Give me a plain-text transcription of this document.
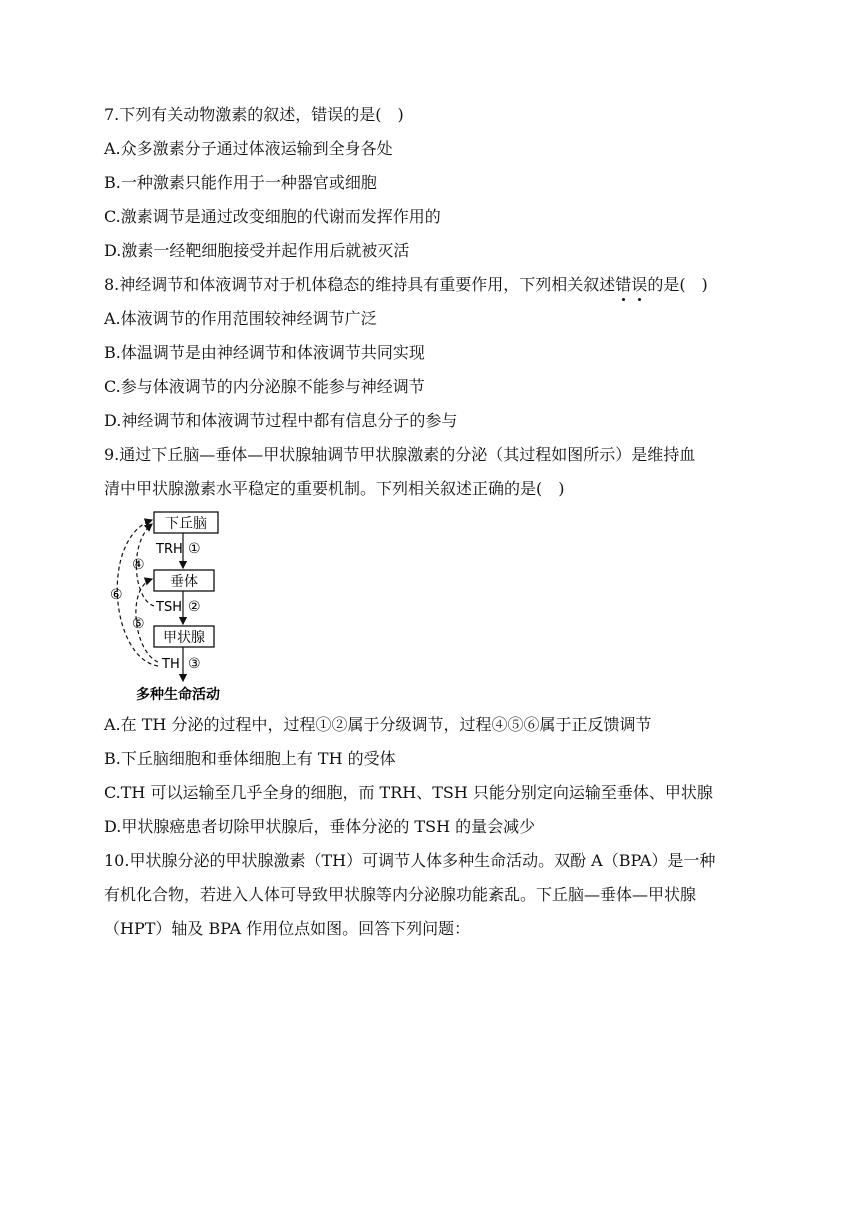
7.下列有关动物激素的叙述，错误的是(　)
A.众多激素分子通过体液运输到全身各处
B.一种激素只能作用于一种器官或细胞
C.激素调节是通过改变细胞的代谢而发挥作用的
D.激素一经靶细胞接受并起作用后就被灭活
8.神经调节和体液调节对于机体稳态的维持具有重要作用，下列相关叙述错误的是(　)
A.体液调节的作用范围较神经调节广泛
B.体温调节是由神经调节和体液调节共同实现
C.参与体液调节的内分泌腺不能参与神经调节
D.神经调节和体液调节过程中都有信息分子的参与
9.通过下丘脑—垂体—甲状腺轴调节甲状腺激素的分泌（其过程如图所示）是维持血
清中甲状腺激素水平稳定的重要机制。下列相关叙述正确的是(　)
下丘脑
垂体
甲状腺
TRH ①
TSH ②
TH ③
④
⑥
⑤
多种生命活动
A.在 TH 分泌的过程中，过程①②属于分级调节，过程④⑤⑥属于正反馈调节
B.下丘脑细胞和垂体细胞上有 TH 的受体
C.TH 可以运输至几乎全身的细胞，而 TRH、TSH 只能分别定向运输至垂体、甲状腺
D.甲状腺癌患者切除甲状腺后，垂体分泌的 TSH 的量会减少
10.甲状腺分泌的甲状腺激素（TH）可调节人体多种生命活动。双酚 A（BPA）是一种
有机化合物，若进入人体可导致甲状腺等内分泌腺功能紊乱。下丘脑—垂体—甲状腺
（HPT）轴及 BPA 作用位点如图。回答下列问题：
